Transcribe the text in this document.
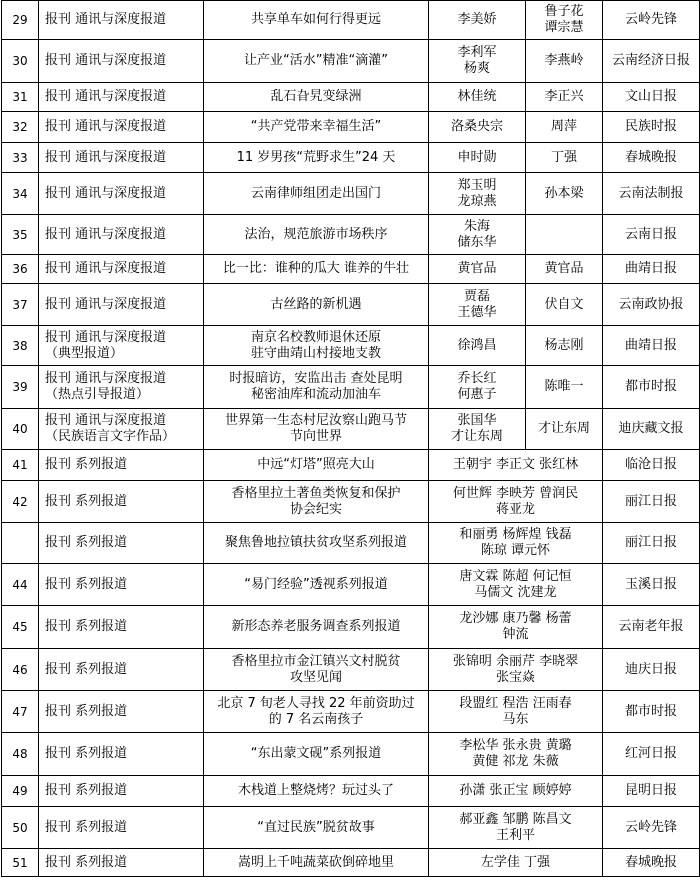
29	报刊 通讯与深度报道	共享单车如何行得更远	李美娇	鲁子花
谭宗慧	云岭先锋

30	报刊 通讯与深度报道	让产业“活水”精准“滴灌”	李利军
杨爽	李燕岭	云南经济日报

31	报刊 通讯与深度报道	乱石旮旯变绿洲	林佳统	李正兴	文山日报

32	报刊 通讯与深度报道	“共产党带来幸福生活”	洛桑央宗	周萍	民族时报

33	报刊 通讯与深度报道	11 岁男孩“荒野求生”24 天	申时勋	丁强	春城晚报

34	报刊 通讯与深度报道	云南律师组团走出国门	郑玉明
龙琼燕	孙本梁	云南法制报

35	报刊 通讯与深度报道	法治，规范旅游市场秩序	朱海
储东华		云南日报

36	报刊 通讯与深度报道	比一比：谁种的瓜大 谁养的牛壮	黄官品	黄官品	曲靖日报

37	报刊 通讯与深度报道	古丝路的新机遇	贾磊
王德华	伏自文	云南政协报

38	报刊 通讯与深度报道
（典型报道）	南京名校教师退休还原
驻守曲靖山村接地支教	徐鸿昌	杨志刚	曲靖日报

39	报刊 通讯与深度报道
（热点引导报道）	时报暗访，安监出击 查处昆明
秘密油库和流动加油车	乔长红
何惠子	陈唯一	都市时报

40	报刊 通讯与深度报道
（民族语言文字作品）	世界第一生态村尼汝察山跑马节
节向世界	张国华
才让东周	才让东周	迪庆藏文报

41	报刊 系列报道	中远“灯塔”照亮大山	王朝宇 李正文 张红林		临沧日报

42	报刊 系列报道	香格里拉土著鱼类恢复和保护
协会纪实	何世辉 李映芳 曾润民
蒋亚龙		丽江日报

	报刊 系列报道	聚焦鲁地拉镇扶贫攻坚系列报道	和丽勇 杨辉煌 钱磊
陈琼 谭元怀		丽江日报

44	报刊 系列报道	“易门经验”透视系列报道	唐文霖 陈超 何记恒
马儒文 沈建龙		玉溪日报

45	报刊 系列报道	新形态养老服务调查系列报道	龙沙娜 康乃馨 杨蕾
钟流		云南老年报

46	报刊 系列报道	香格里拉市金江镇兴文村脱贫
攻坚见闻	张锦明 余丽芹 李晓翠
张宝焱		迪庆日报

47	报刊 系列报道	北京 7 旬老人寻找 22 年前资助过
的 7 名云南孩子	段盟红 程浩 汪雨春
马东		都市时报

48	报刊 系列报道	“东出蒙文砚”系列报道	李松华 张永贵 黄璐
黄健 祁龙 朱薇		红河日报

49	报刊 系列报道	木栈道上整烧烤？玩过头了	孙潇 张正宝 顾婷婷		昆明日报

50	报刊 系列报道	“直过民族”脱贫故事	郝亚鑫 邹鹏 陈昌文
王利平		云岭先锋

51	报刊 系列报道	嵩明上千吨蔬菜砍倒碎地里	左学佳 丁强		春城晚报
